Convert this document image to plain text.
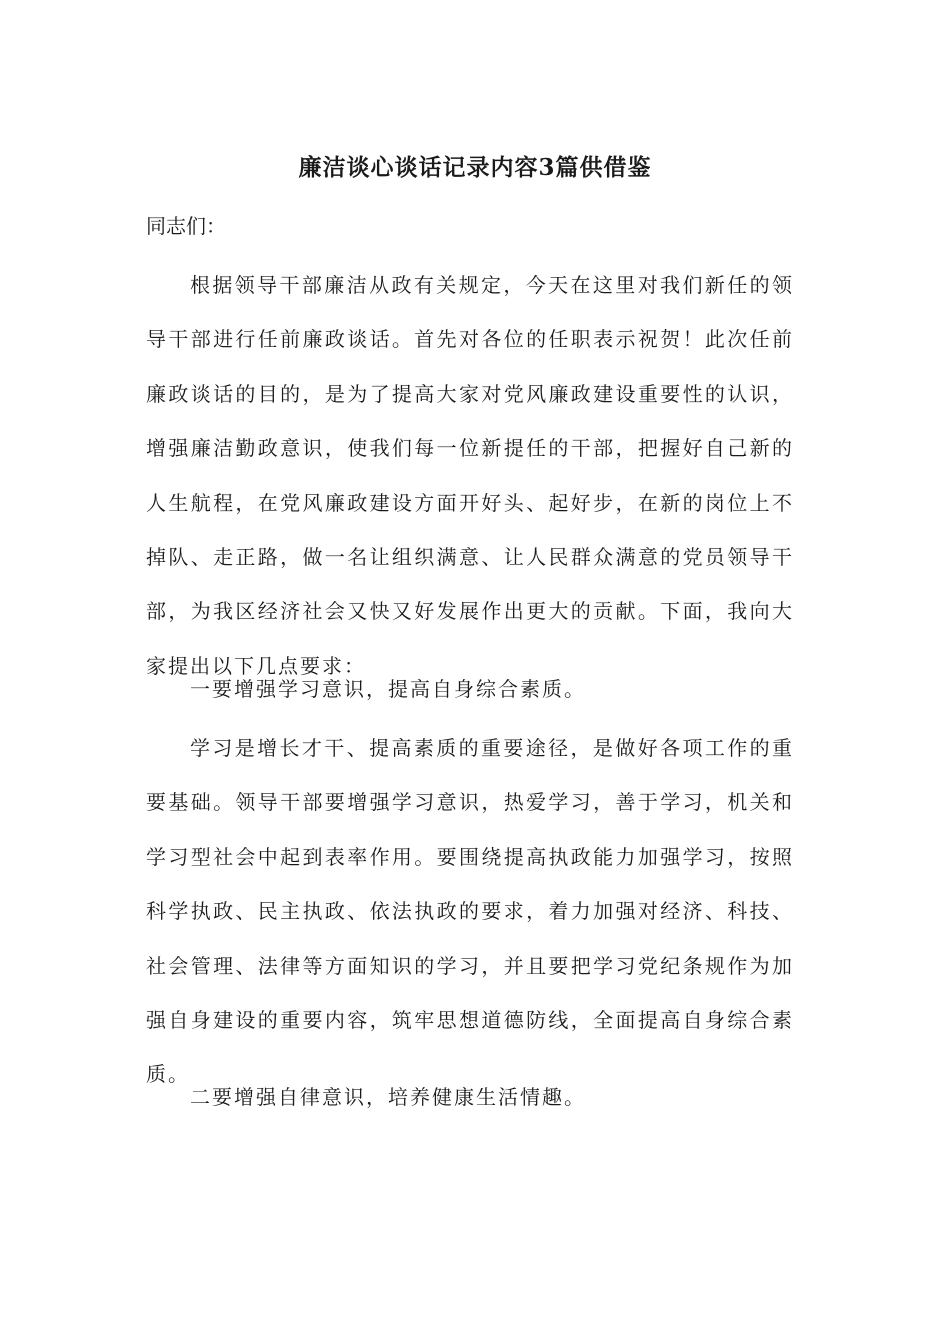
廉洁谈心谈话记录内容3篇供借鉴

同志们：

根据领导干部廉洁从政有关规定，今天在这里对我们新任的领
导干部进行任前廉政谈话。首先对各位的任职表示祝贺！此次任前
廉政谈话的目的，是为了提高大家对党风廉政建设重要性的认识，
增强廉洁勤政意识，使我们每一位新提任的干部，把握好自己新的
人生航程，在党风廉政建设方面开好头、起好步，在新的岗位上不
掉队、走正路，做一名让组织满意、让人民群众满意的党员领导干
部，为我区经济社会又快又好发展作出更大的贡献。下面，我向大
家提出以下几点要求：

一要增强学习意识，提高自身综合素质。

学习是增长才干、提高素质的重要途径，是做好各项工作的重
要基础。领导干部要增强学习意识，热爱学习，善于学习，机关和
学习型社会中起到表率作用。要围绕提高执政能力加强学习，按照
科学执政、民主执政、依法执政的要求，着力加强对经济、科技、
社会管理、法律等方面知识的学习，并且要把学习党纪条规作为加
强自身建设的重要内容，筑牢思想道德防线，全面提高自身综合素
质。

二要增强自律意识，培养健康生活情趣。
